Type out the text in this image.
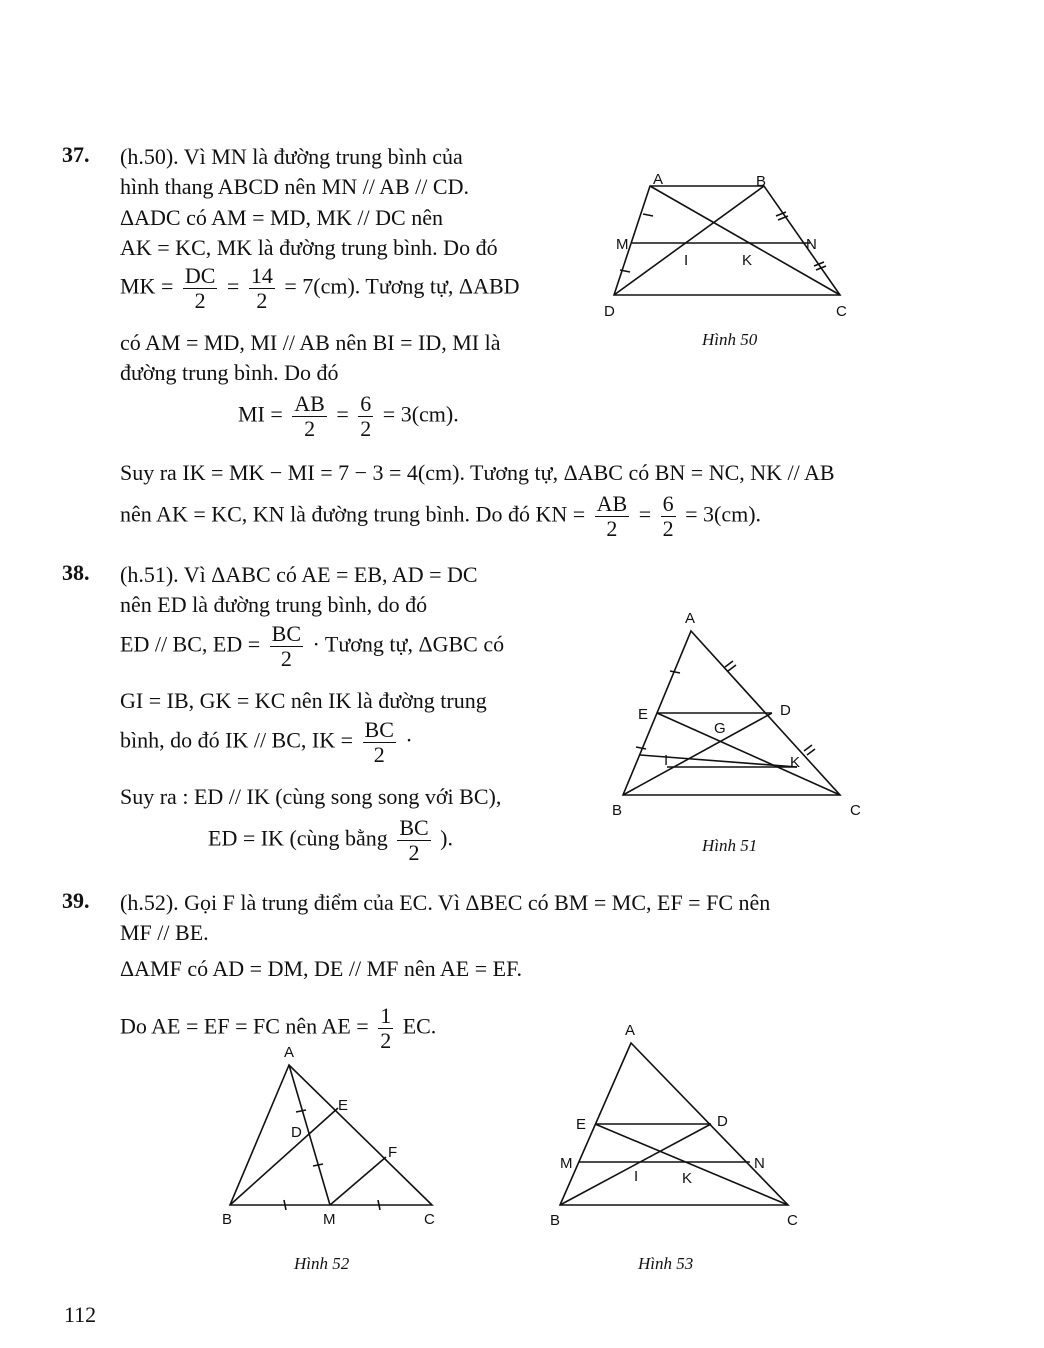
37. (h.50). Vì MN là đường trung bình của
hình thang ABCD nên MN // AB // CD.
ΔADC có AM = MD, MK // DC nên
AK = KC, MK là đường trung bình. Do đó
MK = $\frac{DC}{2} = \frac{14}{2} = 7(cm)$. Tương tự, ΔABD
có AM = MD, MI // AB nên BI = ID, MI là
đường trung bình. Do đó
MI = $\frac{AB}{2} = \frac{6}{2} = 3(cm)$.
Suy ra IK = MK − MI = 7 − 3 = 4(cm). Tương tự, ΔABC có BN = NC, NK // AB
nên AK = KC, KN là đường trung bình. Do đó KN = $\frac{AB}{2} = \frac{6}{2} = 3(cm)$.
A	B
M	N
I	K
D	C
Hình 50
38. (h.51). Vì ΔABC có AE = EB, AD = DC
nên ED là đường trung bình, do đó
ED // BC, ED = $\frac{BC}{2}$ · Tương tự, ΔGBC có
GI = IB, GK = KC nên IK là đường trung
bình, do đó IK // BC, IK = $\frac{BC}{2}$ ·
Suy ra : ED // IK (cùng song song với BC),
ED = IK (cùng bằng $\frac{BC}{2}$ ).
A
E	D
G
I	K
B	C
Hình 51
39. (h.52). Gọi F là trung điểm của EC. Vì ΔBEC có BM = MC, EF = FC nên
MF // BE.
ΔAMF có AD = DM, DE // MF nên AE = EF.
Do AE = EF = FC nên AE = $\frac{1}{2}$ EC.
A
E
D
F
B	M	C
Hình 52
A
E	D
M	N
I	K
B	C
Hình 53
112
